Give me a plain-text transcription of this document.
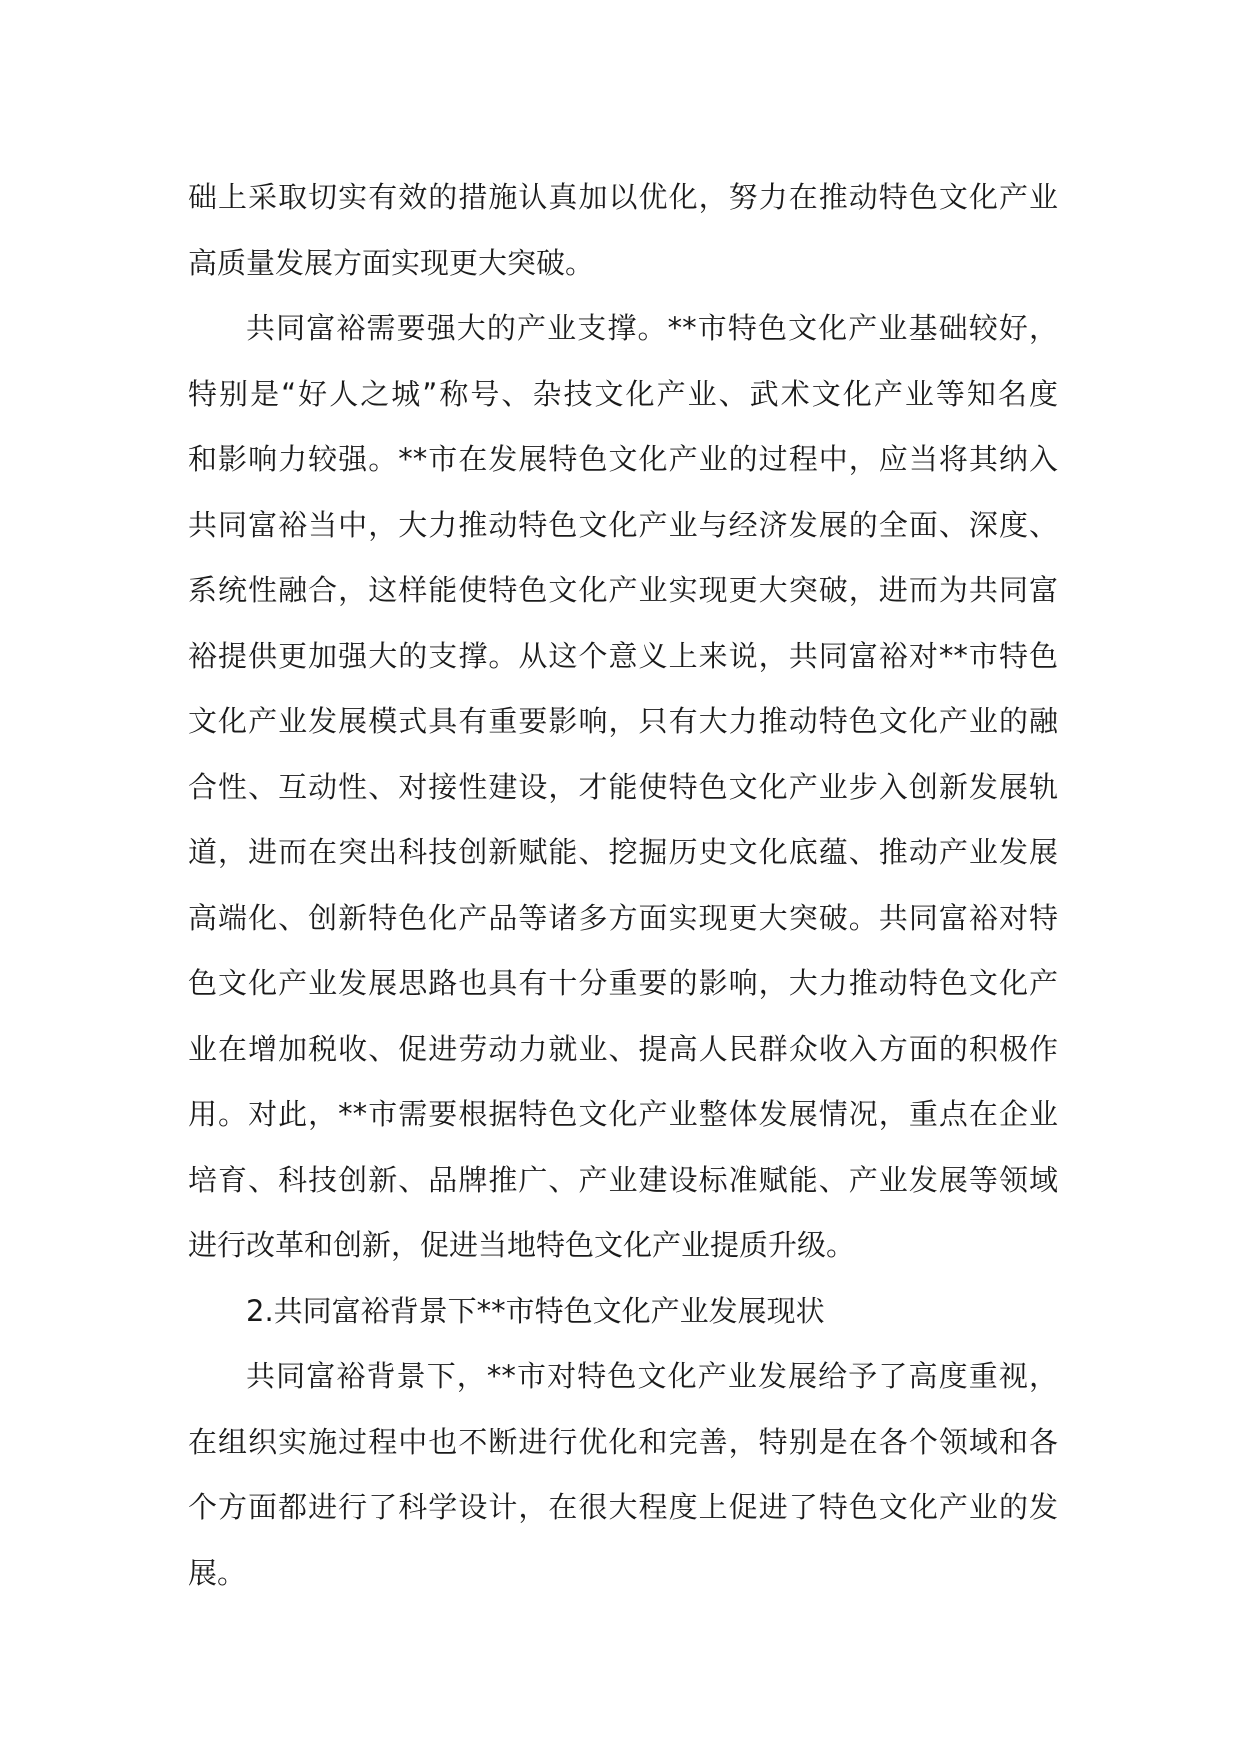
础上采取切实有效的措施认真加以优化，努力在推动特色文化产业
高质量发展方面实现更大突破。
共同富裕需要强大的产业支撑。**市特色文化产业基础较好，
特别是“好人之城”称号、杂技文化产业、武术文化产业等知名度
和影响力较强。**市在发展特色文化产业的过程中，应当将其纳入
共同富裕当中，大力推动特色文化产业与经济发展的全面、深度、
系统性融合，这样能使特色文化产业实现更大突破，进而为共同富
裕提供更加强大的支撑。从这个意义上来说，共同富裕对**市特色
文化产业发展模式具有重要影响，只有大力推动特色文化产业的融
合性、互动性、对接性建设，才能使特色文化产业步入创新发展轨
道，进而在突出科技创新赋能、挖掘历史文化底蕴、推动产业发展
高端化、创新特色化产品等诸多方面实现更大突破。共同富裕对特
色文化产业发展思路也具有十分重要的影响，大力推动特色文化产
业在增加税收、促进劳动力就业、提高人民群众收入方面的积极作
用。对此，**市需要根据特色文化产业整体发展情况，重点在企业
培育、科技创新、品牌推广、产业建设标准赋能、产业发展等领域
进行改革和创新，促进当地特色文化产业提质升级。
2.共同富裕背景下**市特色文化产业发展现状
共同富裕背景下，**市对特色文化产业发展给予了高度重视，
在组织实施过程中也不断进行优化和完善，特别是在各个领域和各
个方面都进行了科学设计，在很大程度上促进了特色文化产业的发
展。
